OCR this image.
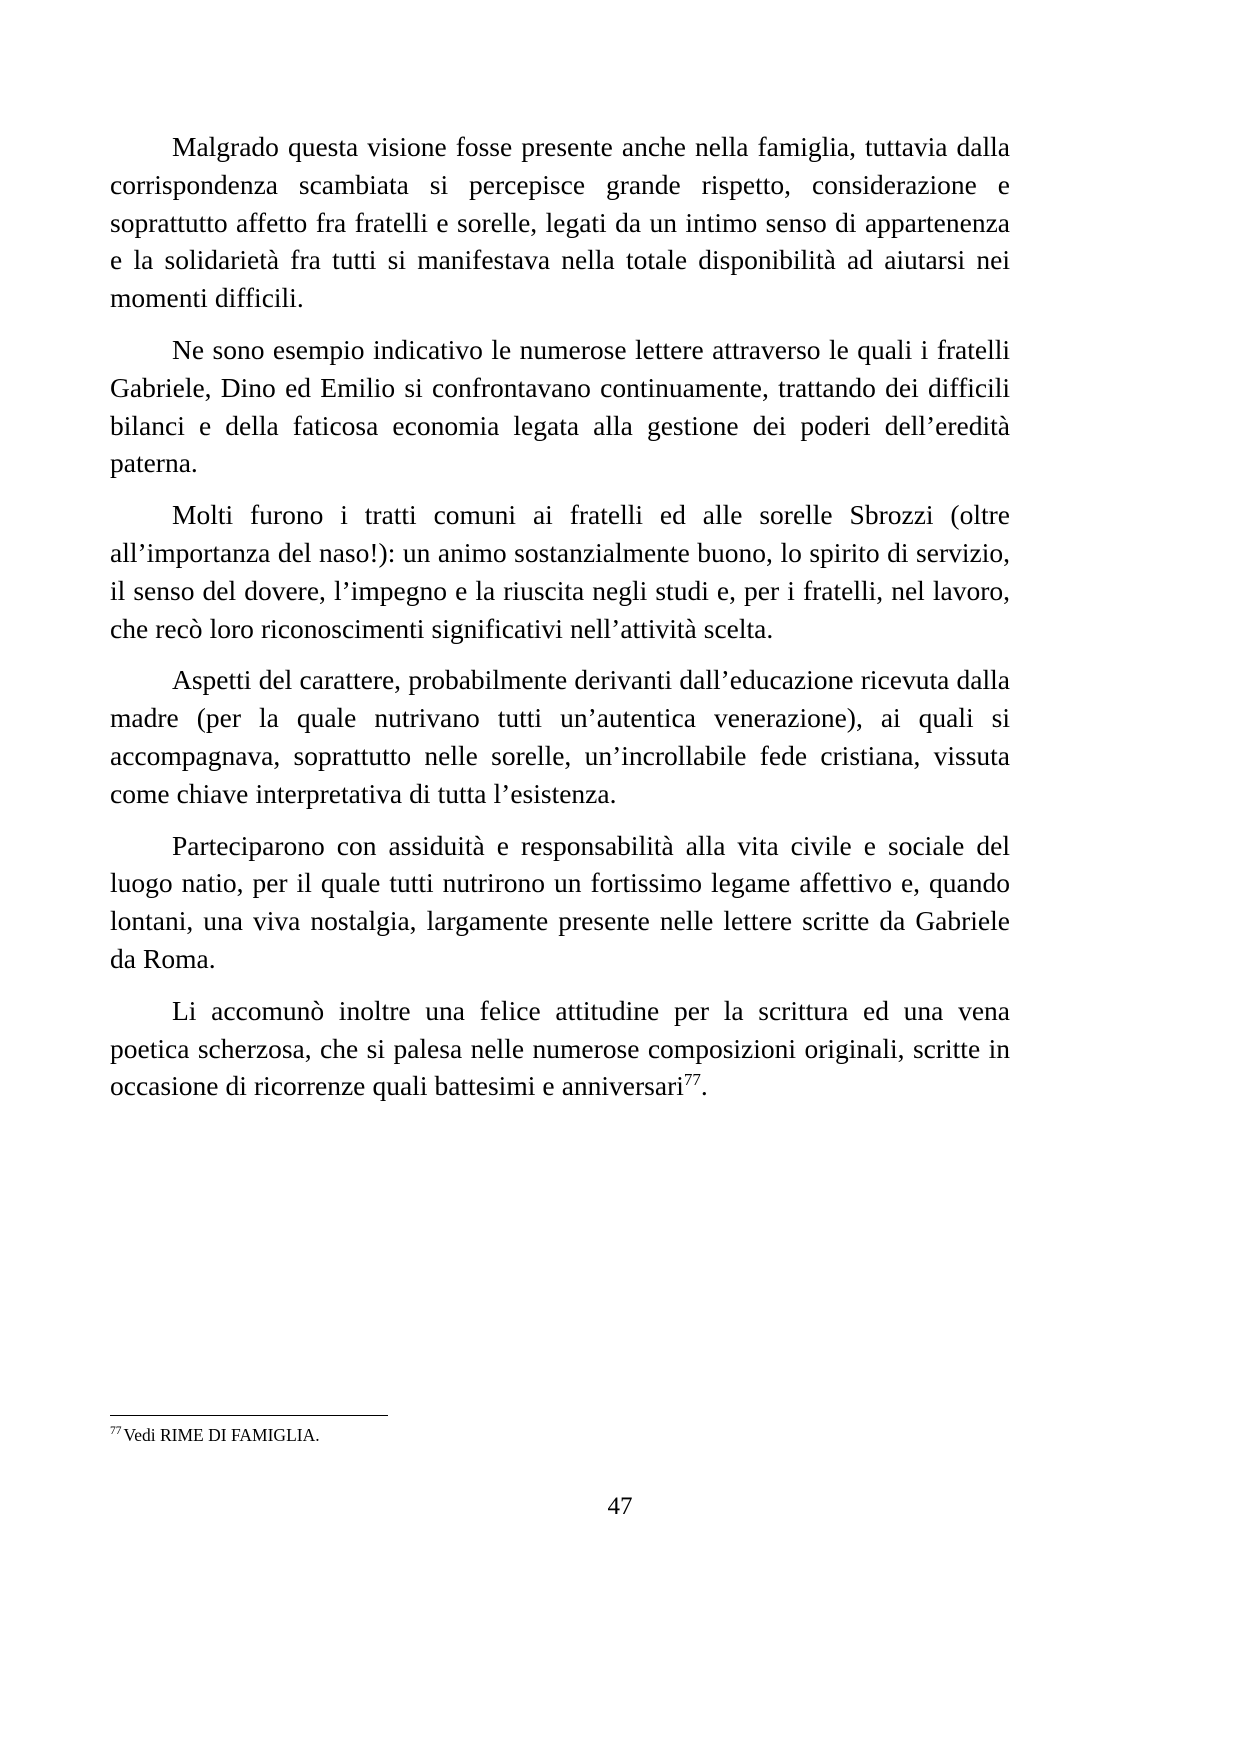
Malgrado questa visione fosse presente anche nella famiglia, tuttavia dalla corrispondenza scambiata si percepisce grande rispetto, considerazione e soprattutto affetto fra fratelli e sorelle, legati da un intimo senso di appartenenza e la solidarietà fra tutti si manifestava nella totale disponibilità ad aiutarsi nei momenti difficili.

Ne sono esempio indicativo le numerose lettere attraverso le quali i fratelli Gabriele, Dino ed Emilio si confrontavano continuamente, trattando dei difficili bilanci e della faticosa economia legata alla gestione dei poderi dell’eredità paterna.

Molti furono i tratti comuni ai fratelli ed alle sorelle Sbrozzi (oltre all’importanza del naso!): un animo sostanzialmente buono, lo spirito di servizio, il senso del dovere, l’impegno e la riuscita negli studi e, per i fratelli, nel lavoro, che recò loro riconoscimenti significativi nell’attività scelta.

Aspetti del carattere, probabilmente derivanti dall’educazione ricevuta dalla madre (per la quale nutrivano tutti un’autentica venerazione), ai quali si accompagnava, soprattutto nelle sorelle, un’incrollabile fede cristiana, vissuta come chiave interpretativa di tutta l’esistenza.

Parteciparono con assiduità e responsabilità alla vita civile e sociale del luogo natio, per il quale tutti nutrirono un fortissimo legame affettivo e, quando lontani, una viva nostalgia, largamente presente nelle lettere scritte da Gabriele da Roma.

Li accomunò inoltre una felice attitudine per la scrittura ed una vena poetica scherzosa, che si palesa nelle numerose composizioni originali, scritte in occasione di ricorrenze quali battesimi e anniversari$^{77}$.

$^{77}$ Vedi RIME DI FAMIGLIA.

47
